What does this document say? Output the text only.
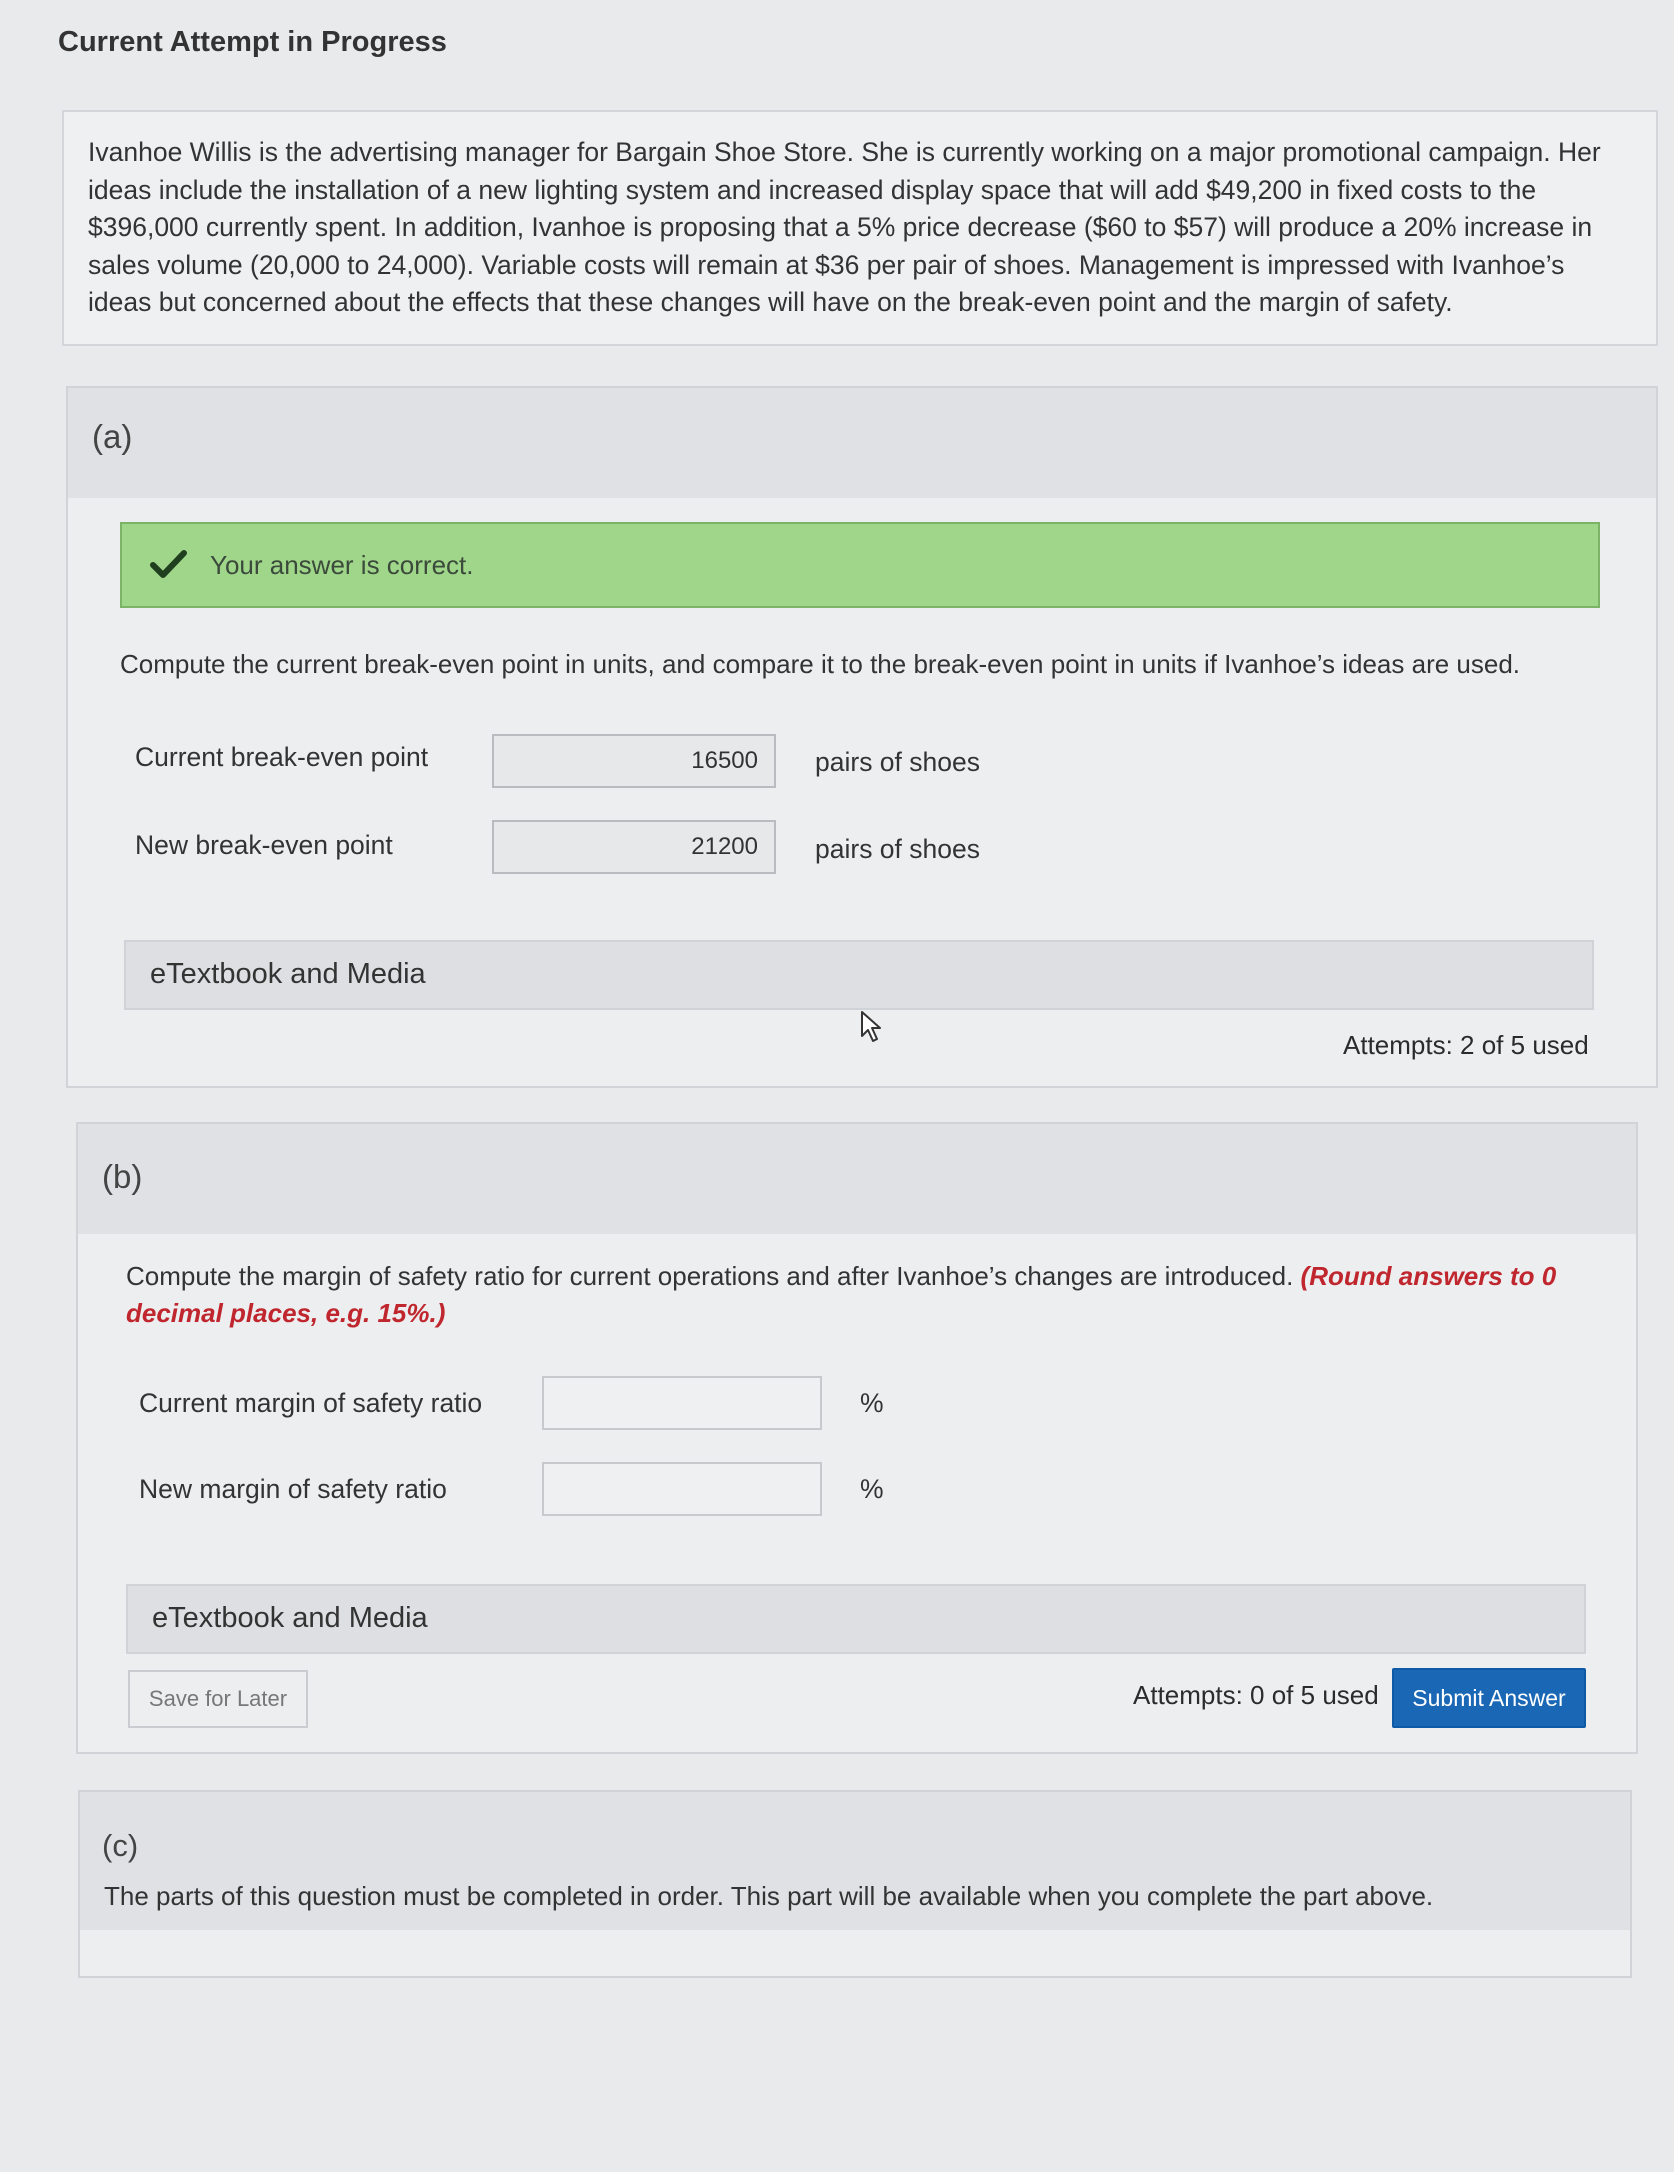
Current Attempt in Progress

Ivanhoe Willis is the advertising manager for Bargain Shoe Store. She is currently working on a major promotional campaign. Her ideas include the installation of a new lighting system and increased display space that will add $49,200 in fixed costs to the $396,000 currently spent. In addition, Ivanhoe is proposing that a 5% price decrease ($60 to $57) will produce a 20% increase in sales volume (20,000 to 24,000). Variable costs will remain at $36 per pair of shoes. Management is impressed with Ivanhoe’s ideas but concerned about the effects that these changes will have on the break-even point and the margin of safety.

(a)
Your answer is correct.
Compute the current break-even point in units, and compare it to the break-even point in units if Ivanhoe’s ideas are used.
Current break-even point
16500	pairs of shoes
New break-even point
21200	pairs of shoes
eTextbook and Media
Attempts: 2 of 5 used
(b)
Compute the margin of safety ratio for current operations and after Ivanhoe’s changes are introduced. (Round answers to 0 decimal places, e.g. 15%.)
Current margin of safety ratio	%
New margin of safety ratio	%
eTextbook and Media
Save for Later	Attempts: 0 of 5 used	Submit Answer
(c)
The parts of this question must be completed in order. This part will be available when you complete the part above.
